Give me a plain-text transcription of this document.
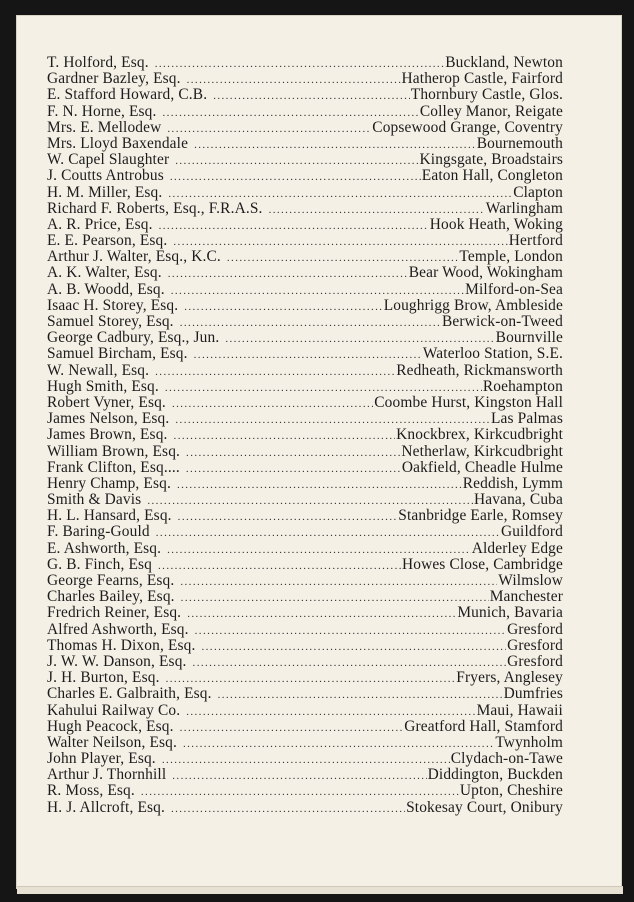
T. Holford, Esq. .....	Buckland, Newton
Gardner Bazley, Esq. .....	Hatherop Castle, Fairford
E. Stafford Howard, C.B. .....	Thornbury Castle, Glos.
F. N. Horne, Esq. .....	Colley Manor, Reigate
Mrs. E. Mellodew .....	Copsewood Grange, Coventry
Mrs. Lloyd Baxendale .....	Bournemouth
W. Capel Slaughter .....	Kingsgate, Broadstairs
J. Coutts Antrobus .....	Eaton Hall, Congleton
H. M. Miller, Esq. .....	Clapton
Richard F. Roberts, Esq., F.R.A.S. .....	Warlingham
A. R. Price, Esq. .....	Hook Heath, Woking
E. E. Pearson, Esq. .....	Hertford
Arthur J. Walter, Esq., K.C. .....	Temple, London
A. K. Walter, Esq. .....	Bear Wood, Wokingham
A. B. Woodd, Esq. .....	Milford-on-Sea
Isaac H. Storey, Esq. .....	Loughrigg Brow, Ambleside
Samuel Storey, Esq. .....	Berwick-on-Tweed
George Cadbury, Esq., Jun. .....	Bournville
Samuel Bircham, Esq. .....	Waterloo Station, S.E.
W. Newall, Esq. .....	Redheath, Rickmansworth
Hugh Smith, Esq. .....	Roehampton
Robert Vyner, Esq. .....	Coombe Hurst, Kingston Hall
James Nelson, Esq. .....	Las Palmas
James Brown, Esq. .....	Knockbrex, Kirkcudbright
William Brown, Esq. .....	Netherlaw, Kirkcudbright
Frank Clifton, Esq.... .....	Oakfield, Cheadle Hulme
Henry Champ, Esq. .....	Reddish, Lymm
Smith & Davis .....	Havana, Cuba
H. L. Hansard, Esq. .....	Stanbridge Earle, Romsey
F. Baring-Gould .....	Guildford
E. Ashworth, Esq. .....	Alderley Edge
G. B. Finch, Esq .....	Howes Close, Cambridge
George Fearns, Esq. .....	Wilmslow
Charles Bailey, Esq. .....	Manchester
Fredrich Reiner, Esq. .....	Munich, Bavaria
Alfred Ashworth, Esq. .....	Gresford
Thomas H. Dixon, Esq. .....	Gresford
J. W. W. Danson, Esq. .....	Gresford
J. H. Burton, Esq. .....	Fryers, Anglesey
Charles E. Galbraith, Esq. .....	Dumfries
Kahului Railway Co. .....	Maui, Hawaii
Hugh Peacock, Esq. .....	Greatford Hall, Stamford
Walter Neilson, Esq. .....	Twynholm
John Player, Esq. .....	Clydach-on-Tawe
Arthur J. Thornhill .....	Diddington, Buckden
R. Moss, Esq. .....	Upton, Cheshire
H. J. Allcroft, Esq. .....	Stokesay Court, Onibury
